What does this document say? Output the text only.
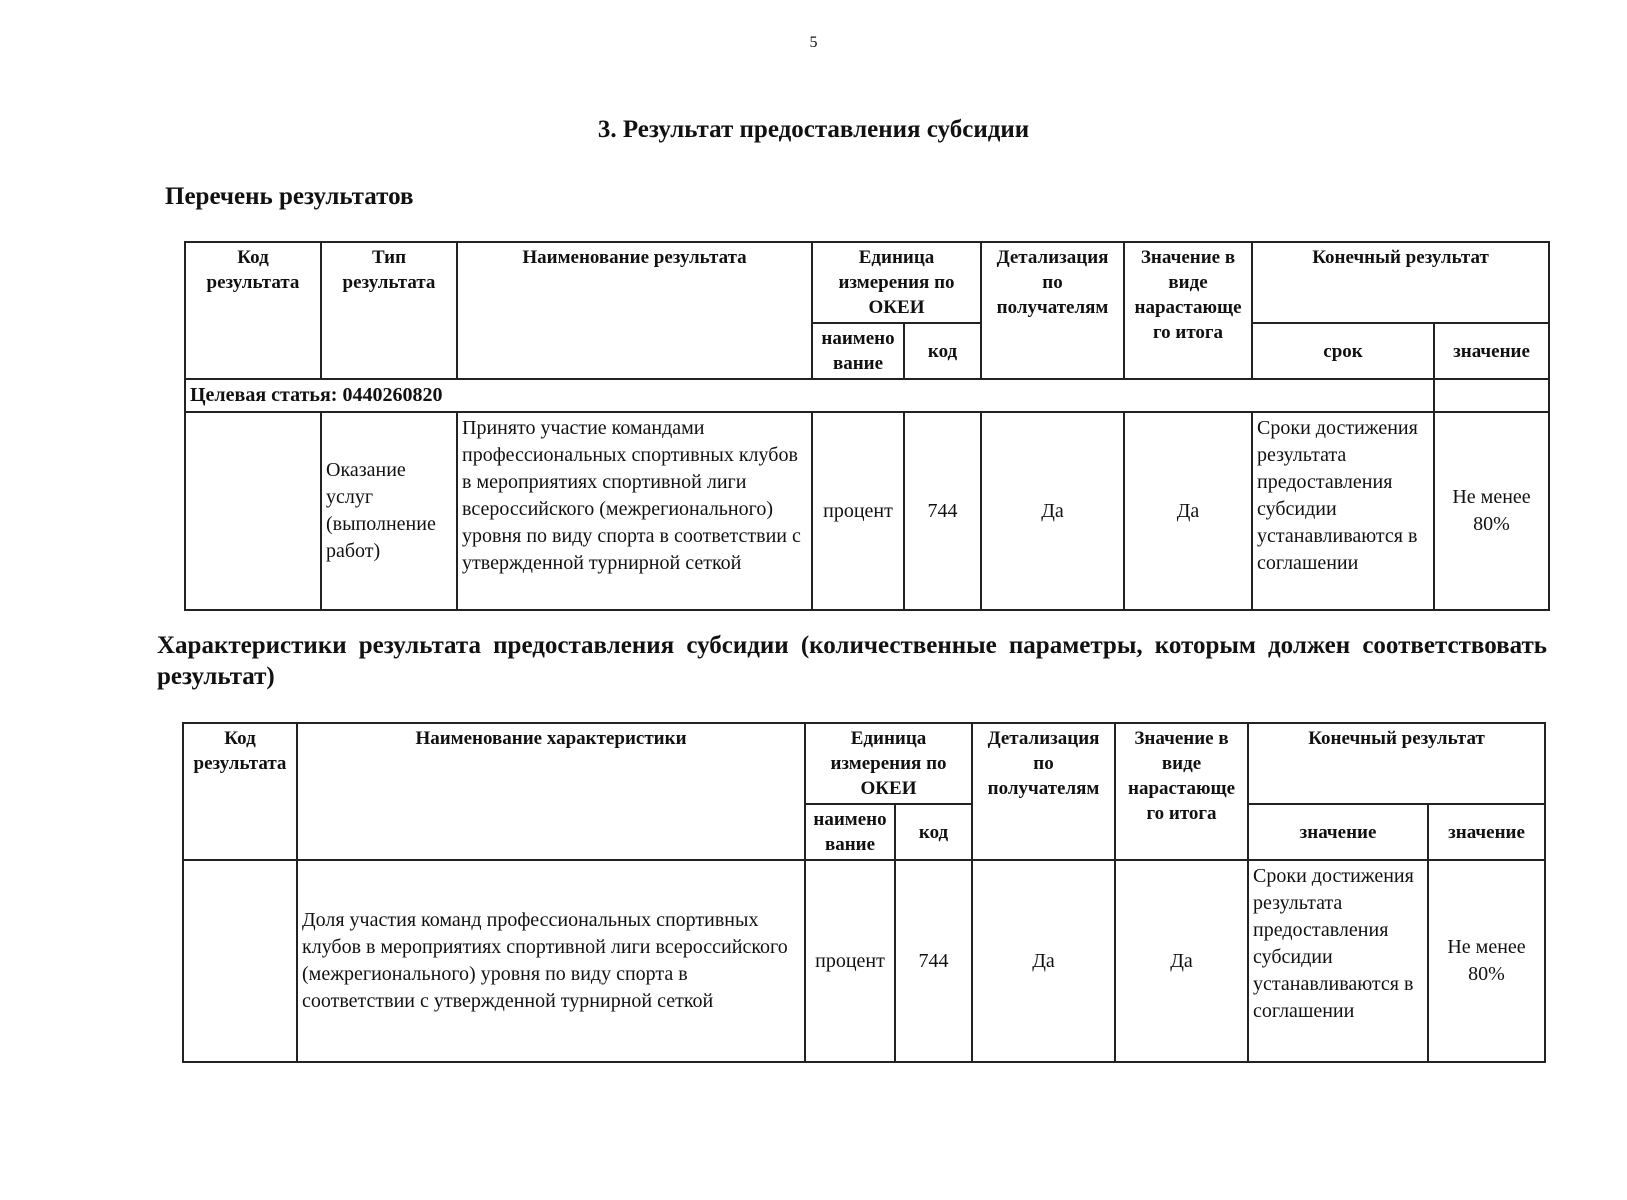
5
3. Результат предоставления субсидии
Перечень результатов
Код результата	Тип результата	Наименование результата	Единица измерения по ОКЕИ		Детализация по получателям	Значение в виде нарастающе го итога	Конечный результат	
			наимено вание	код			срок	значение
Целевая статья: 0440260820								
	Оказание услуг (выполнение работ)	Принято участие командами профессиональных спортивных клубов в мероприятиях спортивной лиги всероссийского (межрегионального) уровня по виду спорта в соответствии с утвержденной турнирной сеткой	процент	744	Да	Да	Сроки достижения результата предоставления субсидии устанавливаются в соглашении	Не менее 80%
Характеристики результата предоставления субсидии (количественные параметры, которым должен соответствовать результат)
Код результата	Наименование характеристики	Единица измерения по ОКЕИ		Детализация по получателям	Значение в виде нарастающе го итога	Конечный результат	
		наимено вание	код			значение	значение
	Доля участия команд профессиональных спортивных клубов в мероприятиях спортивной лиги всероссийского (межрегионального) уровня по виду спорта в соответствии с утвержденной турнирной сеткой	процент	744	Да	Да	Сроки достижения результата предоставления субсидии устанавливаются в соглашении	Не менее 80%
